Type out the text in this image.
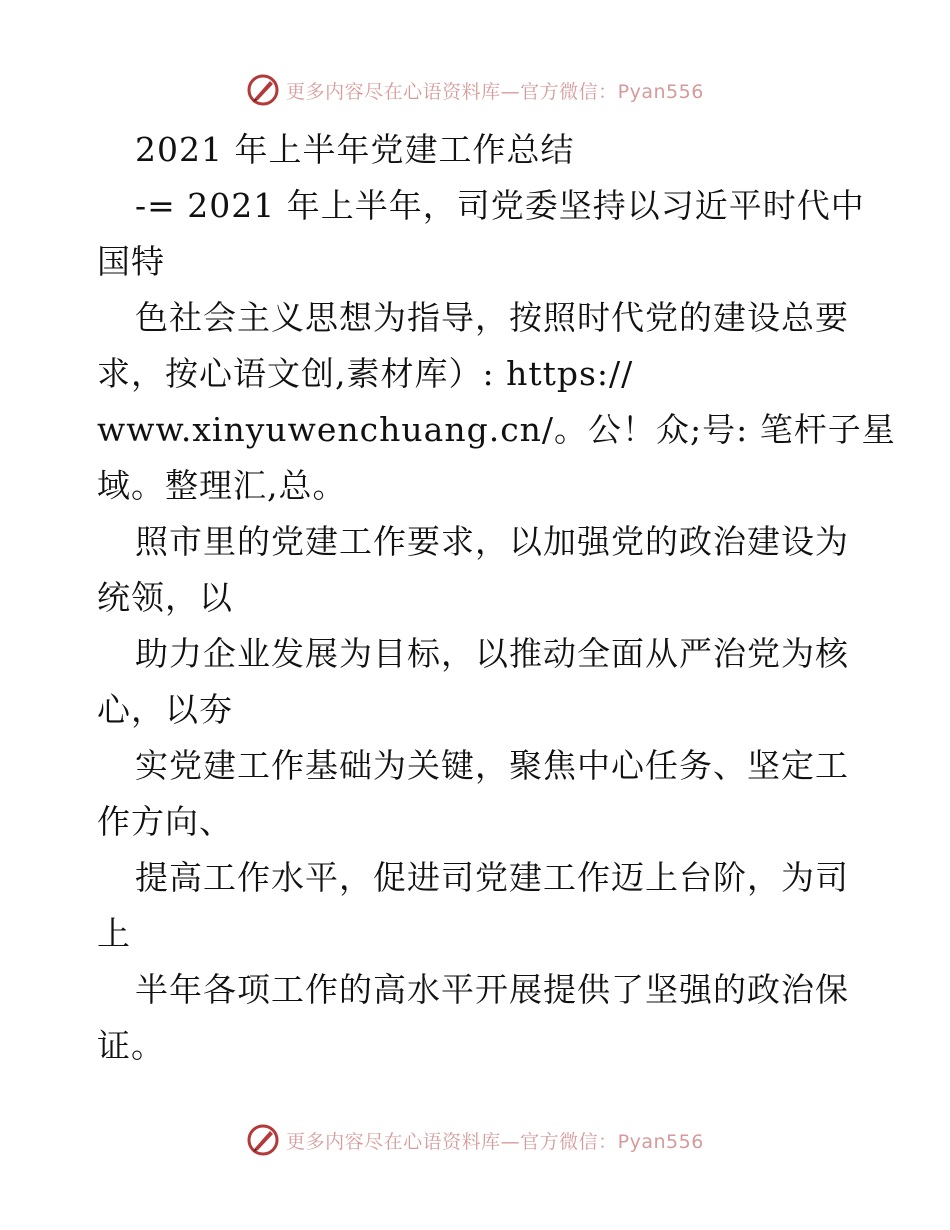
更多内容尽在心语资料库—官方微信：Pyan556
2021 年上半年党建工作总结
-= 2021 年上半年，司党委坚持以习近平时代中
国特
色社会主义思想为指导，按照时代党的建设总要
求，按心语文创,素材库）: https://
www.xinyuwenchuang.cn/。公！众;号: 笔杆子星
域。整理汇,总。
照市里的党建工作要求，以加强党的政治建设为
统领，以
助力企业发展为目标，以推动全面从严治党为核
心，以夯
实党建工作基础为关键，聚焦中心任务、坚定工
作方向、
提高工作水平，促进司党建工作迈上台阶，为司
上
半年各项工作的高水平开展提供了坚强的政治保
证。
更多内容尽在心语资料库—官方微信：Pyan556
